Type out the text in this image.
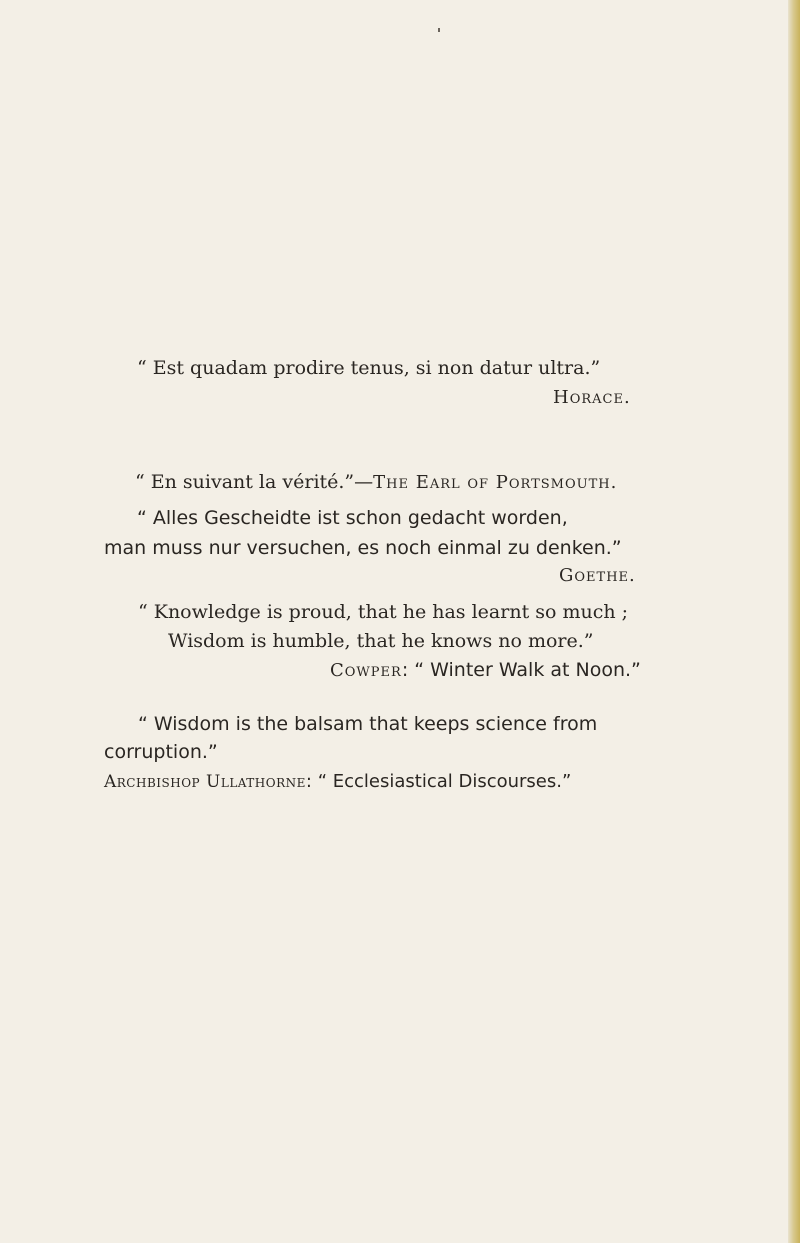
“ Est quadam prodire tenus, si non datur ultra.”
Horace.
“ En suivant la vérité.”—The Earl of Portsmouth.
“ Alles Gescheidte ist schon gedacht worden,
man muss nur versuchen, es noch einmal zu denken.”
Goethe.
“ Knowledge is proud, that he has learnt so much ;
Wisdom is humble, that he knows no more.”
Cowper: “ Winter Walk at Noon.”
“ Wisdom is the balsam that keeps science from
corruption.”
Archbishop Ullathorne: “ Ecclesiastical Discourses.”
